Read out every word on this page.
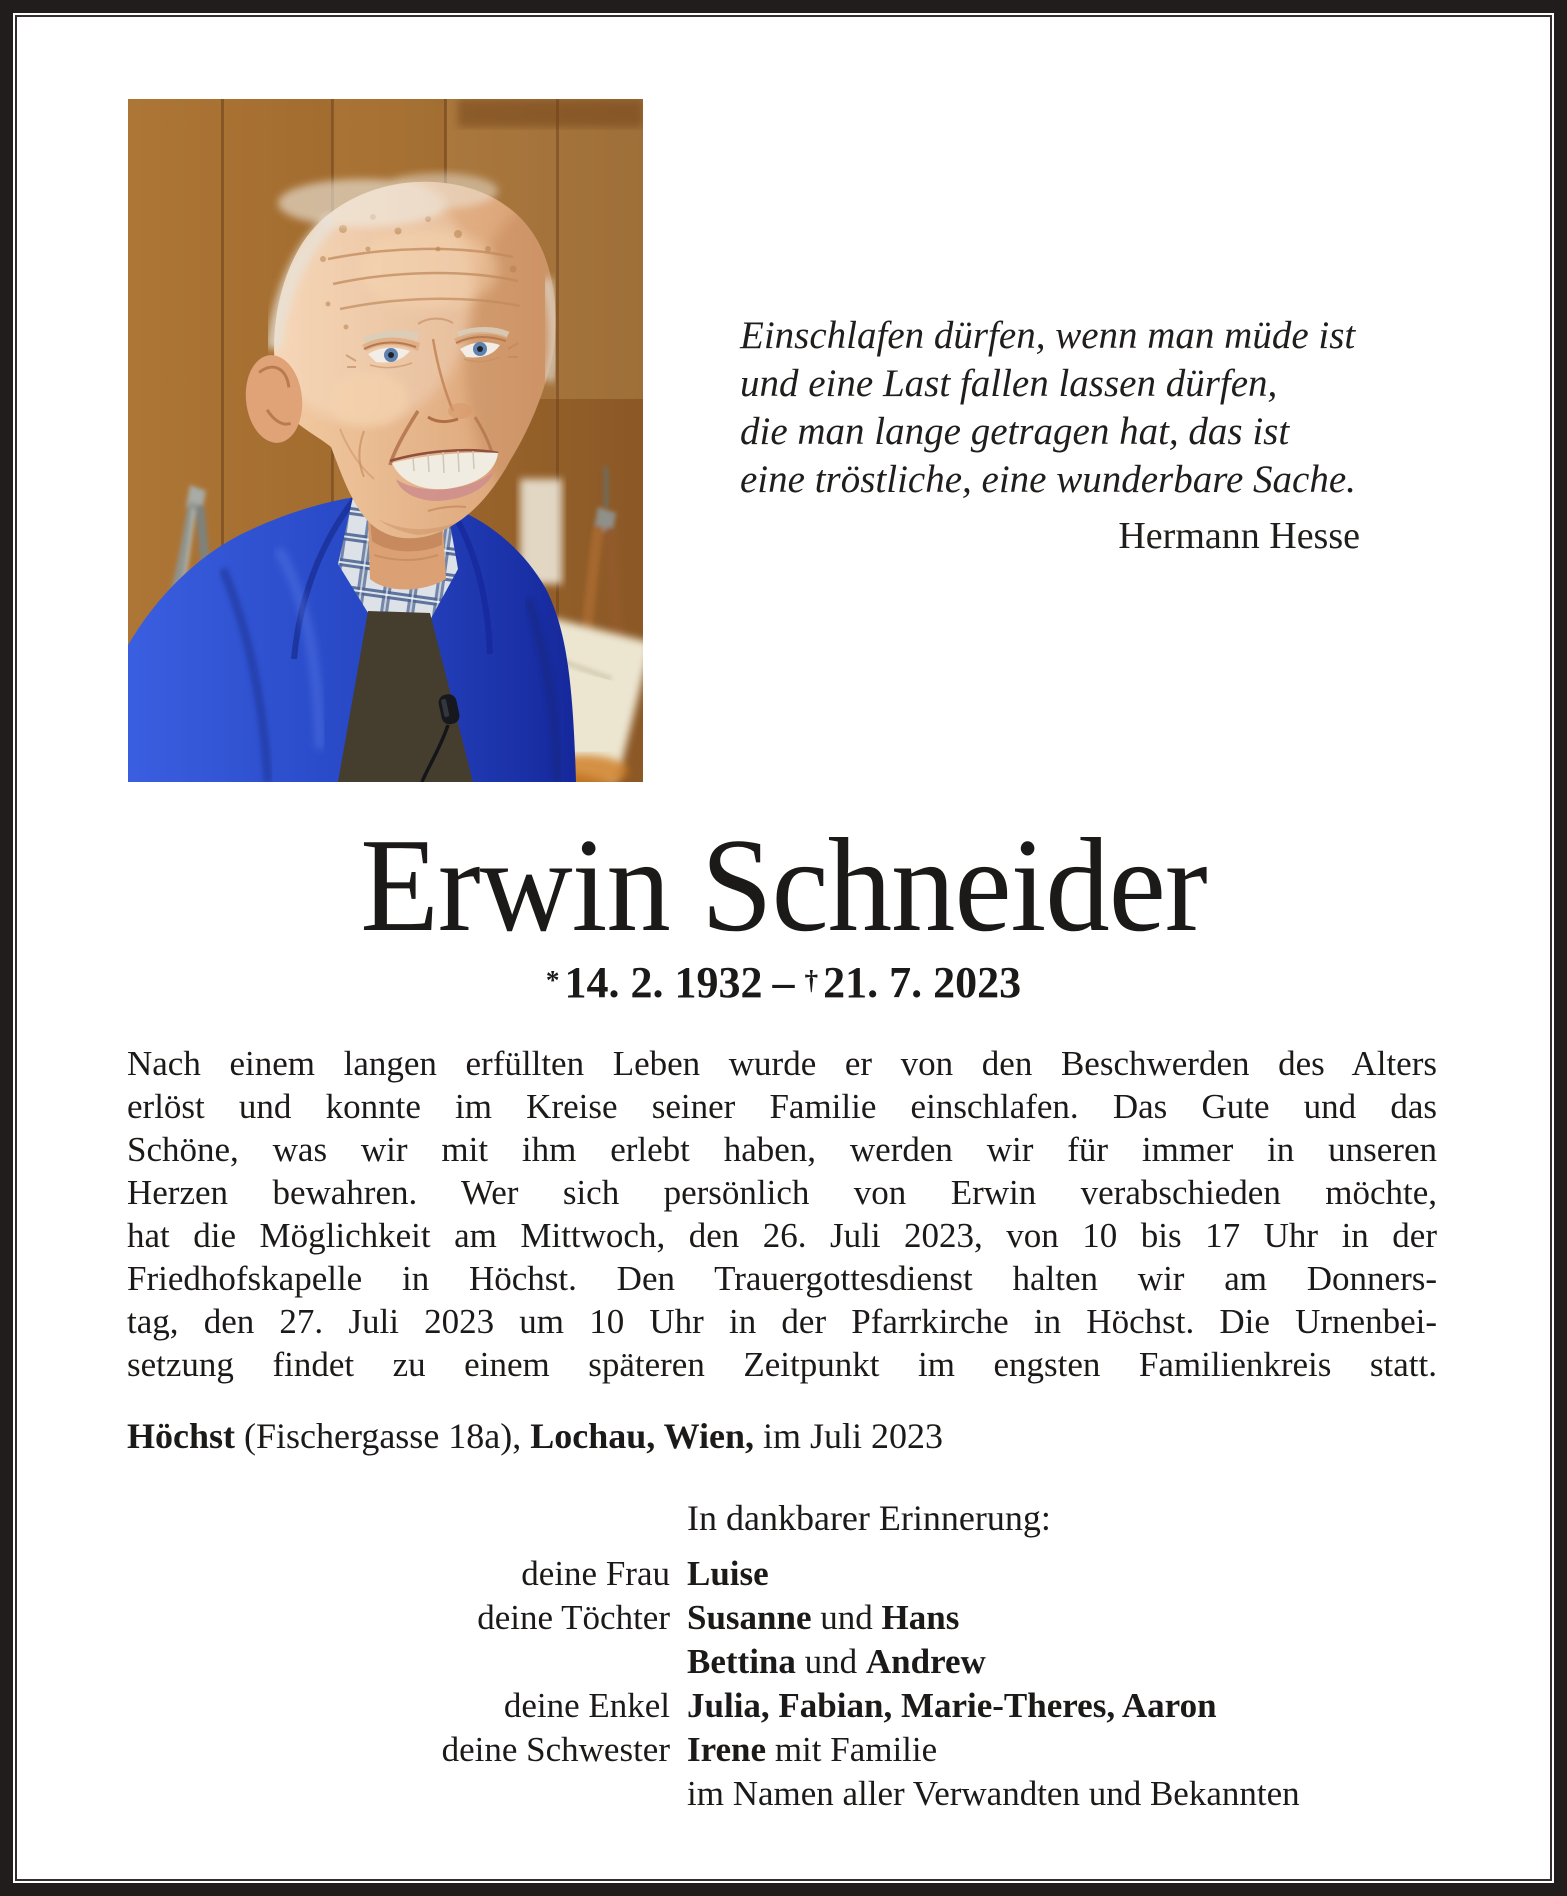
Einschlafen dürfen, wenn man müde ist
und eine Last fallen lassen dürfen,
die man lange getragen hat, das ist
eine tröstliche, eine wunderbare Sache.
Hermann Hesse
Erwin Schneider
* 14. 2. 1932 – † 21. 7. 2023
Nach einem langen erfüllten Leben wurde er von den Beschwerden des Alters
erlöst und konnte im Kreise seiner Familie einschlafen. Das Gute und das
Schöne, was wir mit ihm erlebt haben, werden wir für immer in unseren
Herzen bewahren. Wer sich persönlich von Erwin verabschieden möchte,
hat die Möglichkeit am Mittwoch, den 26. Juli 2023, von 10 bis 17 Uhr in der
Friedhofskapelle in Höchst. Den Trauergottesdienst halten wir am Donners-
tag, den 27. Juli 2023 um 10 Uhr in der Pfarrkirche in Höchst. Die Urnenbei-
setzung findet zu einem späteren Zeitpunkt im engsten Familienkreis statt.
Höchst (Fischergasse 18a), Lochau, Wien, im Juli 2023
In dankbarer Erinnerung:
deine Frau Luise
deine Töchter Susanne und Hans
Bettina und Andrew
deine Enkel Julia, Fabian, Marie-Theres, Aaron
deine Schwester Irene mit Familie
im Namen aller Verwandten und Bekannten
